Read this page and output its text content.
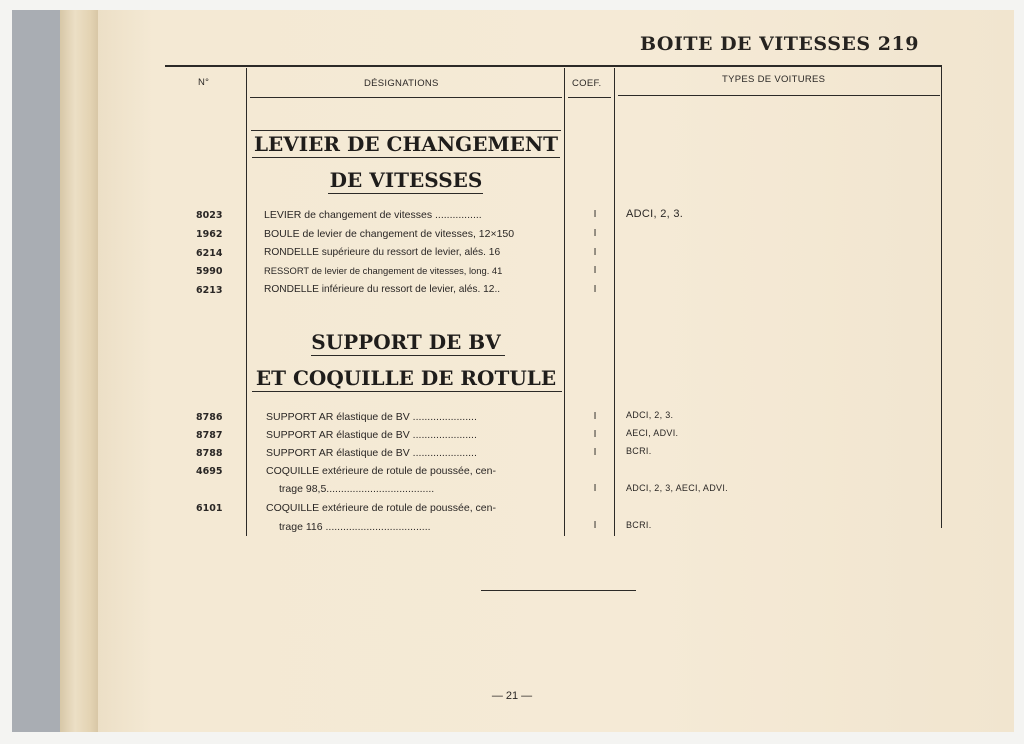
BOITE DE VITESSES 219
N°	DÉSIGNATIONS	COEF.	TYPES DE VOITURES
LEVIER DE CHANGEMENT
DE VITESSES
8023	LEVIER de changement de vitesses ................	I	ADCI, 2, 3.
1962	BOULE de levier de changement de vitesses, 12×150	I
6214	RONDELLE supérieure du ressort de levier, alés. 16	I
5990	RESSORT de levier de changement de vitesses, long. 41	I
6213	RONDELLE inférieure du ressort de levier, alés. 12..	I
SUPPORT DE BV
ET COQUILLE DE ROTULE
8786	SUPPORT AR élastique de BV ......................	I	ADCI, 2, 3.
8787	SUPPORT AR élastique de BV ......................	I	AECI, ADVI.
8788	SUPPORT AR élastique de BV ......................	I	BCRI.
4695	COQUILLE extérieure de rotule de poussée, cen-
trage 98,5.....................................	I	ADCI, 2, 3, AECI, ADVI.
6101	COQUILLE extérieure de rotule de poussée, cen-
trage 116 ....................................	I	BCRI.
— 21 —
